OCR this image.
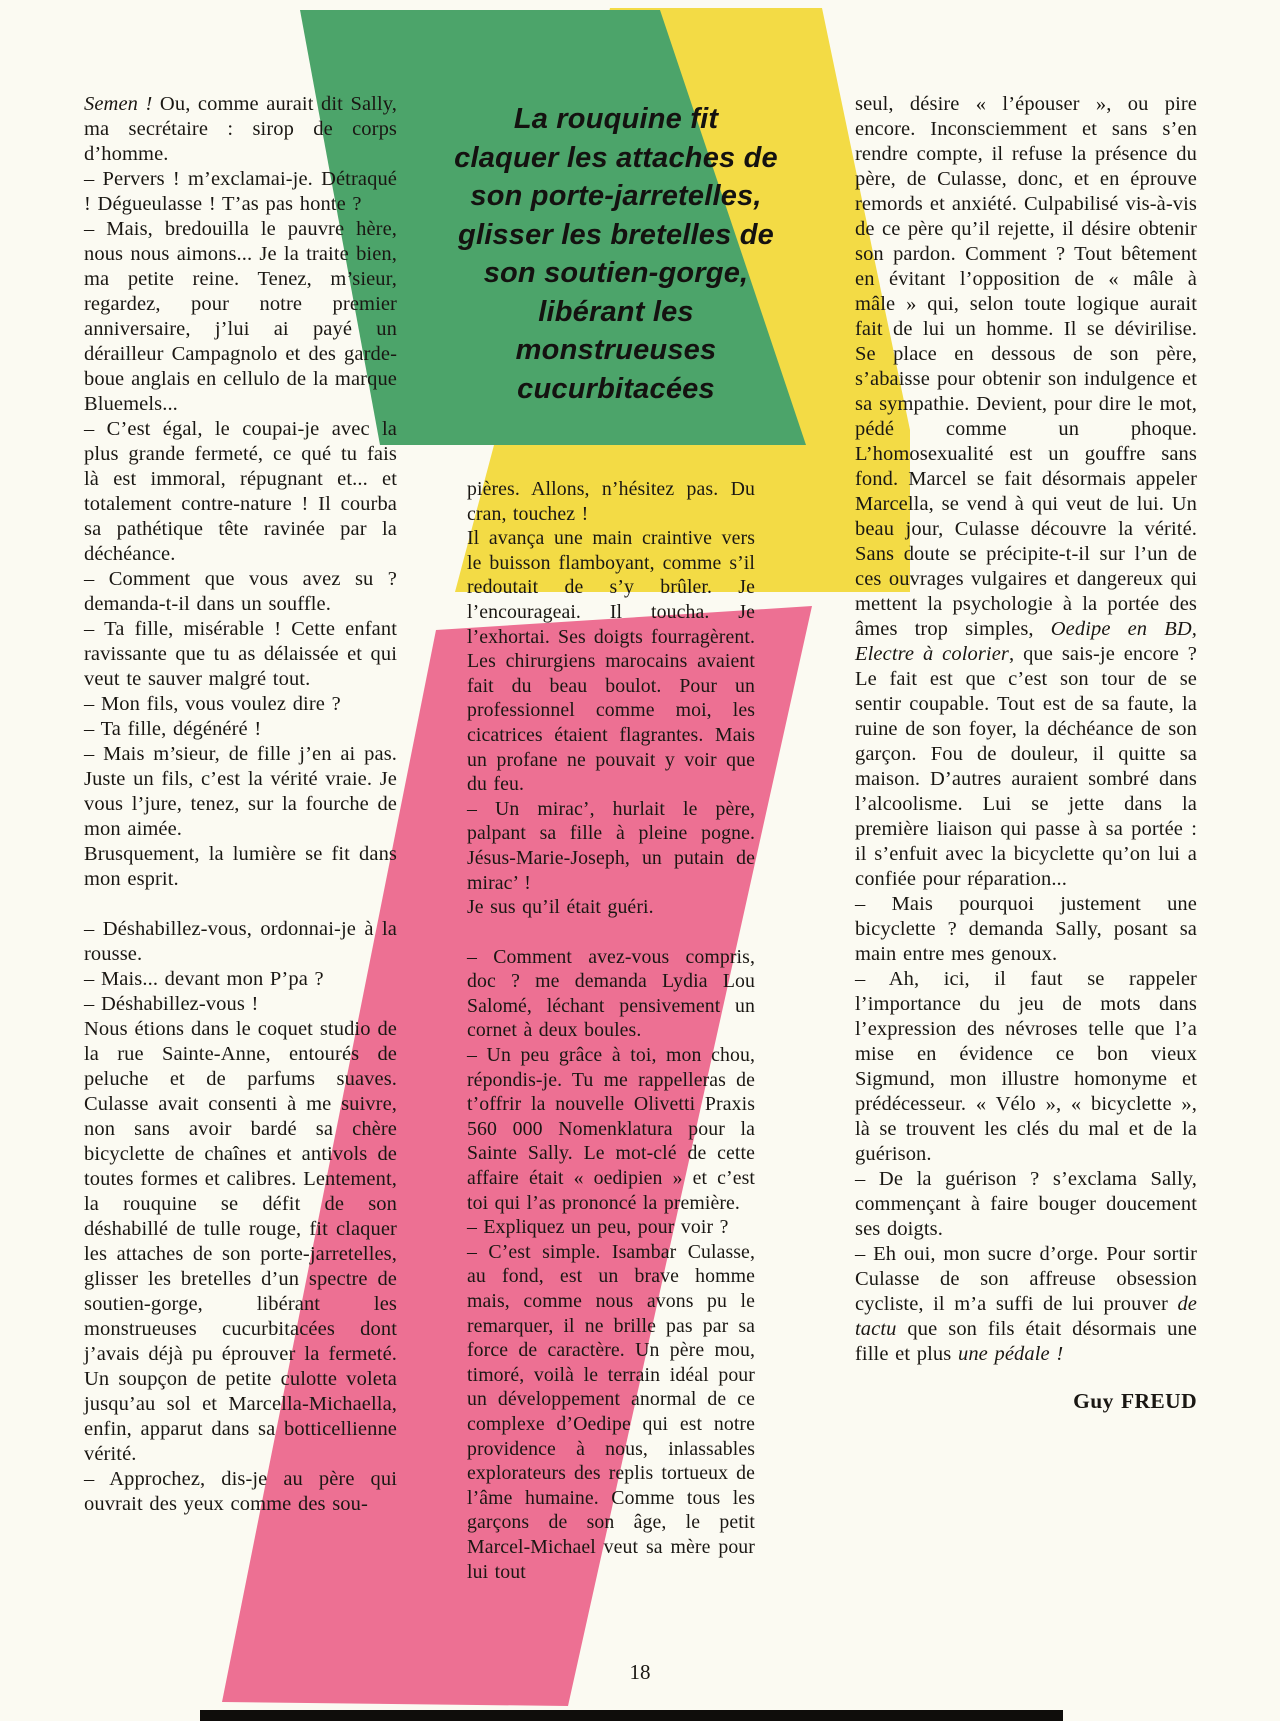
La rouquine fit
claquer les attaches de
son porte-jarretelles,
glisser les bretelles de
son soutien-gorge,
libérant les
monstrueuses
cucurbitacées

Semen ! Ou, comme aurait dit Sally, ma secrétaire : sirop de corps d’homme.

– Pervers ! m’exclamai-je. Détraqué ! Dégueulasse ! T’as pas honte ?

– Mais, bredouilla le pauvre hère, nous nous aimons... Je la traite bien, ma petite reine. Tenez, m’sieur, regardez, pour notre premier anniversaire, j’lui ai payé un dérailleur Campagnolo et des garde-boue anglais en cellulo de la marque Bluemels...

– C’est égal, le coupai-je avec la plus grande fermeté, ce qué tu fais là est immoral, répugnant et... et totalement contre-nature ! Il courba sa pathétique tête ravinée par la déchéance.

– Comment que vous avez su ? demanda-t-il dans un souffle.

– Ta fille, misérable ! Cette enfant ravissante que tu as délaissée et qui veut te sauver malgré tout.

– Mon fils, vous voulez dire ?

– Ta fille, dégénéré !

– Mais m’sieur, de fille j’en ai pas. Juste un fils, c’est la vérité vraie. Je vous l’jure, tenez, sur la fourche de mon aimée.

Brusquement, la lumière se fit dans mon esprit.

– Déshabillez-vous, ordonnai-je à la rousse.

– Mais... devant mon P’pa ?

– Déshabillez-vous !

Nous étions dans le coquet studio de la rue Sainte-Anne, entourés de peluche et de parfums suaves. Culasse avait consenti à me suivre, non sans avoir bardé sa chère bicyclette de chaînes et antivols de toutes formes et calibres. Lentement, la rouquine se défit de son déshabillé de tulle rouge, fit claquer les attaches de son porte-jarretelles, glisser les bretelles d’un spectre de soutien-gorge, libérant les monstrueuses cucurbitacées dont j’avais déjà pu éprouver la fermeté. Un soupçon de petite culotte voleta jusqu’au sol et Marcella-Michaella, enfin, apparut dans sa botticellienne vérité.

– Approchez, dis-je au père qui ouvrait des yeux comme des sou-

pières. Allons, n’hésitez pas. Du cran, touchez !

Il avança une main craintive vers le buisson flamboyant, comme s’il redoutait de s’y brûler. Je l’encourageai. Il toucha. Je l’exhortai. Ses doigts fourragèrent. Les chirurgiens marocains avaient fait du beau boulot. Pour un professionnel comme moi, les cicatrices étaient flagrantes. Mais un profane ne pouvait y voir que du feu.

– Un mirac’, hurlait le père, palpant sa fille à pleine pogne. Jésus-Marie-Joseph, un putain de mirac’ !

Je sus qu’il était guéri.

– Comment avez-vous compris, doc ? me demanda Lydia Lou Salomé, léchant pensivement un cornet à deux boules.

– Un peu grâce à toi, mon chou, répondis-je. Tu me rappelleras de t’offrir la nouvelle Olivetti Praxis 560 000 Nomenklatura pour la Sainte Sally. Le mot-clé de cette affaire était « oedipien » et c’est toi qui l’as prononcé la première.

– Expliquez un peu, pour voir ?

– C’est simple. Isambar Culasse, au fond, est un brave homme mais, comme nous avons pu le remarquer, il ne brille pas par sa force de caractère. Un père mou, timoré, voilà le terrain idéal pour un développement anormal de ce complexe d’Oedipe qui est notre providence à nous, inlassables explorateurs des replis tortueux de l’âme humaine. Comme tous les garçons de son âge, le petit Marcel-Michael veut sa mère pour lui tout

seul, désire « l’épouser », ou pire encore. Inconsciemment et sans s’en rendre compte, il refuse la présence du père, de Culasse, donc, et en éprouve remords et anxiété. Culpabilisé vis-à-vis de ce père qu’il rejette, il désire obtenir son pardon. Comment ? Tout bêtement en évitant l’opposition de « mâle à mâle » qui, selon toute logique aurait fait de lui un homme. Il se dévirilise. Se place en dessous de son père, s’abaisse pour obtenir son indulgence et sa sympathie. Devient, pour dire le mot, pédé comme un phoque. L’homosexualité est un gouffre sans fond. Marcel se fait désormais appeler Marcella, se vend à qui veut de lui. Un beau jour, Culasse découvre la vérité. Sans doute se précipite-t-il sur l’un de ces ouvrages vulgaires et dangereux qui mettent la psychologie à la portée des âmes trop simples, Oedipe en BD, Electre à colorier, que sais-je encore ? Le fait est que c’est son tour de se sentir coupable. Tout est de sa faute, la ruine de son foyer, la déchéance de son garçon. Fou de douleur, il quitte sa maison. D’autres auraient sombré dans l’alcoolisme. Lui se jette dans la première liaison qui passe à sa portée : il s’enfuit avec la bicyclette qu’on lui a confiée pour réparation...

– Mais pourquoi justement une bicyclette ? demanda Sally, posant sa main entre mes genoux.

– Ah, ici, il faut se rappeler l’importance du jeu de mots dans l’expression des névroses telle que l’a mise en évidence ce bon vieux Sigmund, mon illustre homonyme et prédécesseur. « Vélo », « bicyclette », là se trouvent les clés du mal et de la guérison.

– De la guérison ? s’exclama Sally, commençant à faire bouger doucement ses doigts.

– Eh oui, mon sucre d’orge. Pour sortir Culasse de son affreuse obsession cycliste, il m’a suffi de lui prouver de tactu que son fils était désormais une fille et plus une pédale !

Guy FREUD
18
